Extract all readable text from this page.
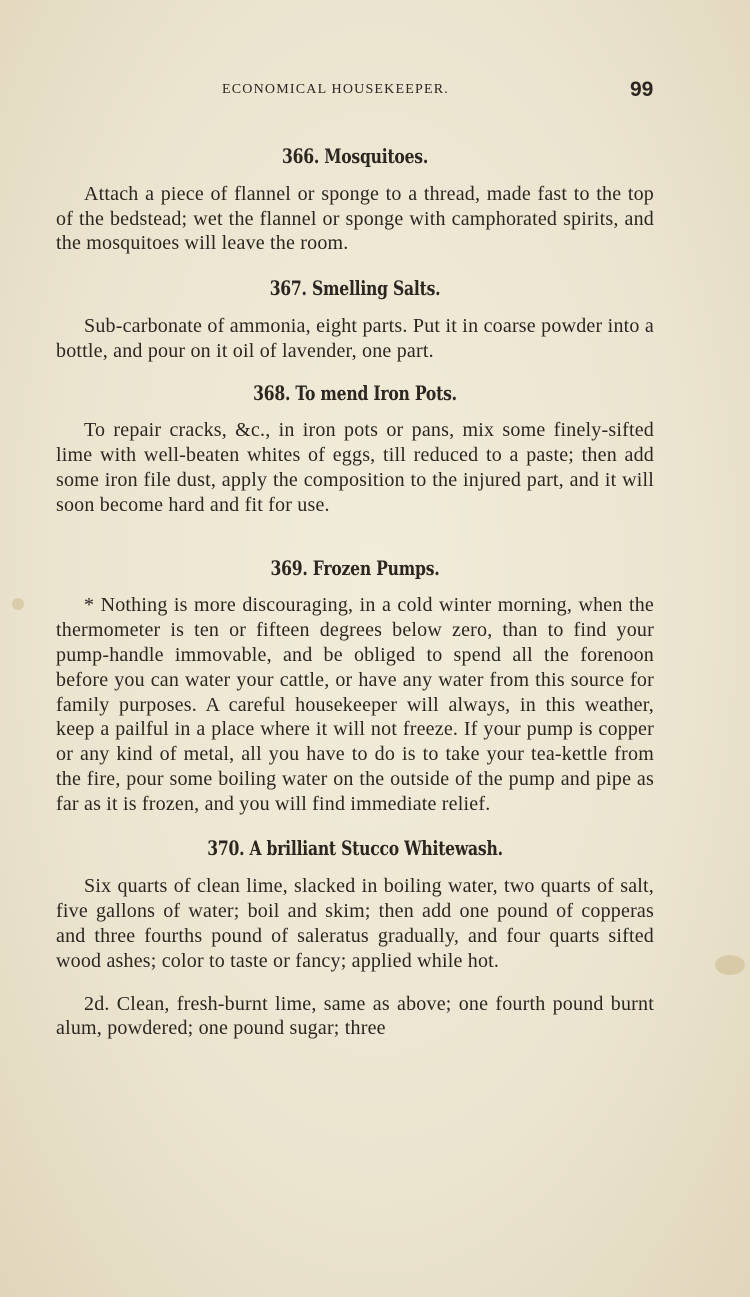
ECONOMICAL HOUSEKEEPER.	99

366. Mosquitoes.

Attach a piece of flannel or sponge to a thread, made fast to the top of the bedstead; wet the flannel or sponge with camphorated spirits, and the mosquitoes will leave the room.

367. Smelling Salts.

Sub-carbonate of ammonia, eight parts. Put it in coarse powder into a bottle, and pour on it oil of lavender, one part.

368. To mend Iron Pots.

To repair cracks, &c., in iron pots or pans, mix some finely-sifted lime with well-beaten whites of eggs, till reduced to a paste; then add some iron file dust, apply the composition to the injured part, and it will soon become hard and fit for use.

369. Frozen Pumps.

* Nothing is more discouraging, in a cold winter morning, when the thermometer is ten or fifteen degrees below zero, than to find your pump-handle immovable, and be obliged to spend all the forenoon before you can water your cattle, or have any water from this source for family purposes. A careful housekeeper will always, in this weather, keep a pailful in a place where it will not freeze. If your pump is copper or any kind of metal, all you have to do is to take your tea-kettle from the fire, pour some boiling water on the outside of the pump and pipe as far as it is frozen, and you will find immediate relief.

370. A brilliant Stucco Whitewash.

Six quarts of clean lime, slacked in boiling water, two quarts of salt, five gallons of water; boil and skim; then add one pound of copperas and three fourths pound of saleratus gradually, and four quarts sifted wood ashes; color to taste or fancy; applied while hot.

2d. Clean, fresh-burnt lime, same as above; one fourth pound burnt alum, powdered; one pound sugar; three
